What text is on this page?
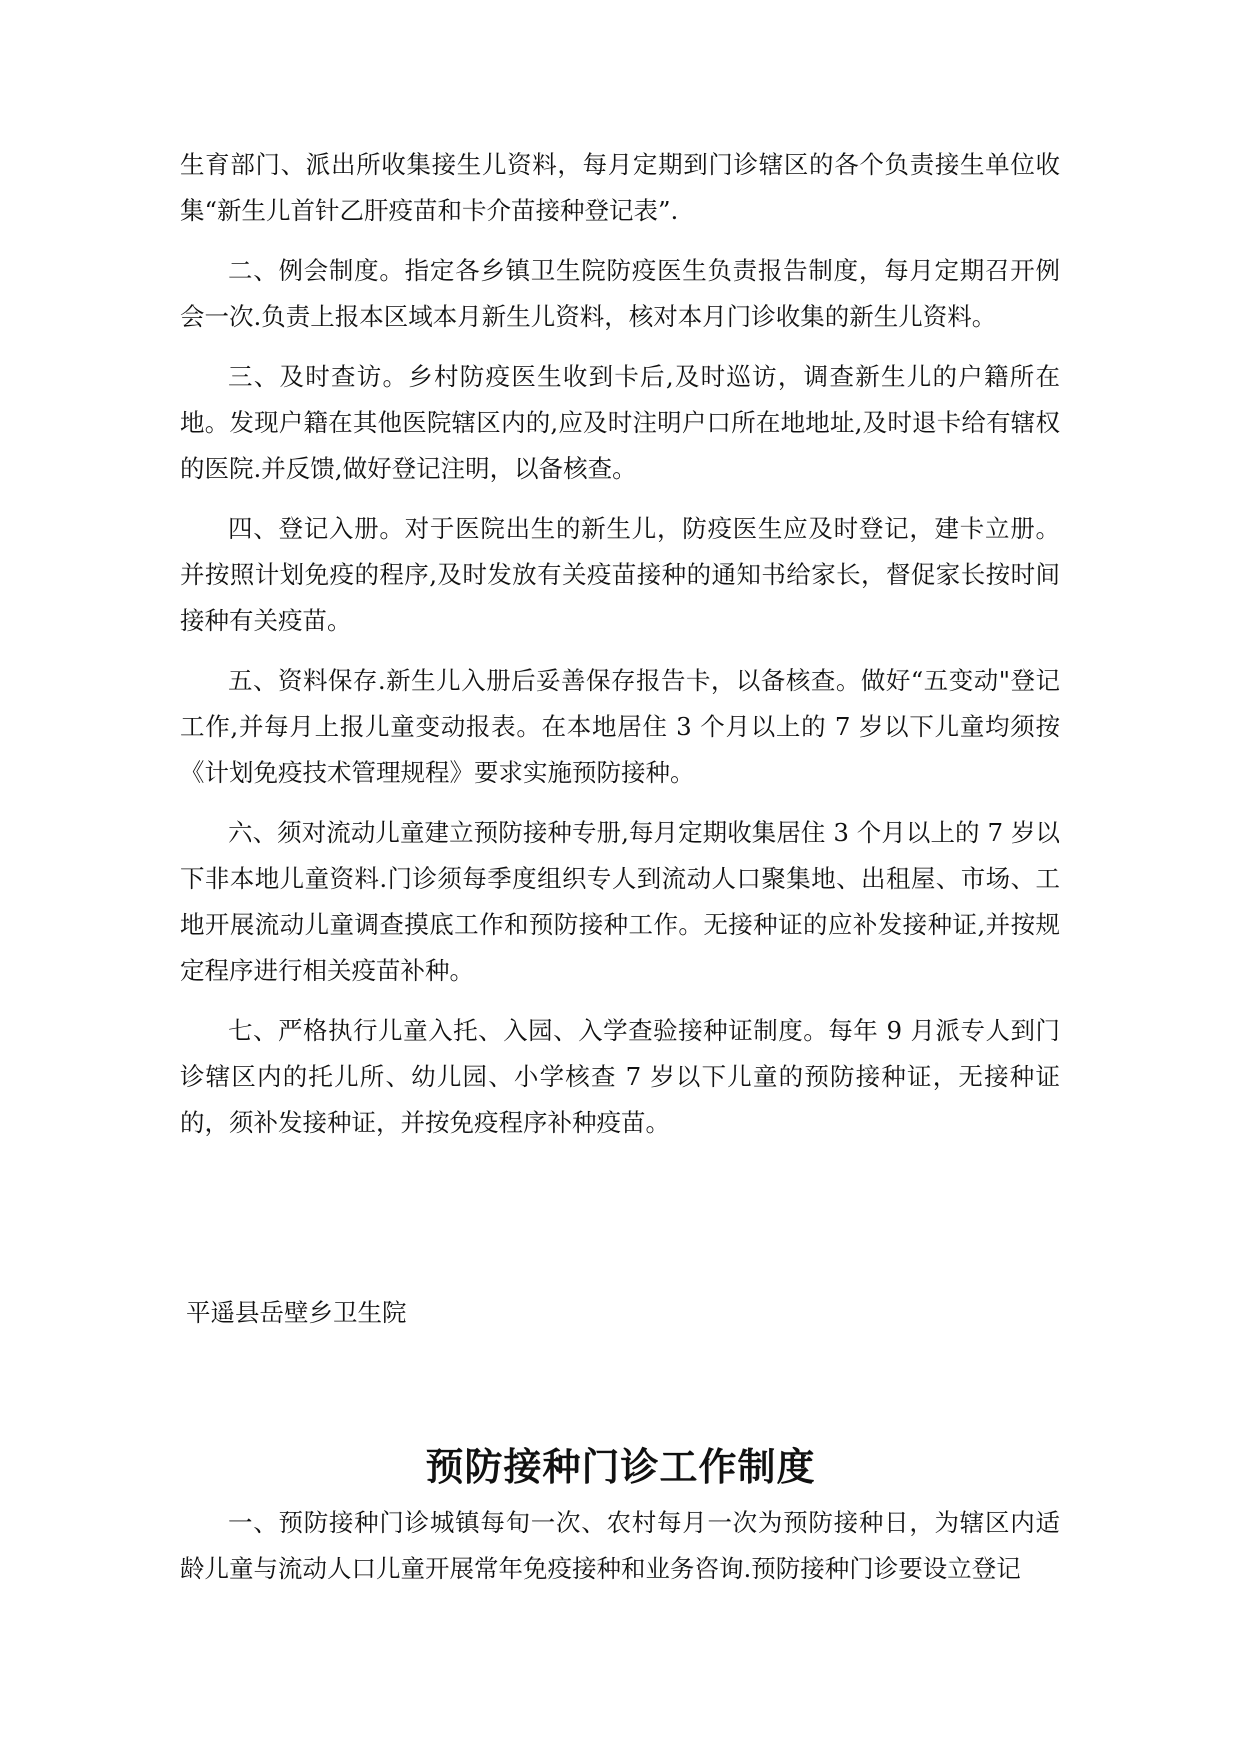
生育部门、派出所收集接生儿资料，每月定期到门诊辖区的各个负责接生单位收集“新生儿首针乙肝疫苗和卡介苗接种登记表”.

二、例会制度。指定各乡镇卫生院防疫医生负责报告制度，每月定期召开例会一次.负责上报本区域本月新生儿资料，核对本月门诊收集的新生儿资料。

三、及时查访。乡村防疫医生收到卡后,及时巡访，调查新生儿的户籍所在地。发现户籍在其他医院辖区内的,应及时注明户口所在地地址,及时退卡给有辖权的医院.并反馈,做好登记注明，以备核查。

四、登记入册。对于医院出生的新生儿，防疫医生应及时登记，建卡立册。并按照计划免疫的程序,及时发放有关疫苗接种的通知书给家长，督促家长按时间接种有关疫苗。

五、资料保存.新生儿入册后妥善保存报告卡，以备核查。做好“五变动"登记工作,并每月上报儿童变动报表。在本地居住 3 个月以上的 7 岁以下儿童均须按《计划免疫技术管理规程》要求实施预防接种。

六、须对流动儿童建立预防接种专册,每月定期收集居住 3 个月以上的 7 岁以下非本地儿童资料.门诊须每季度组织专人到流动人口聚集地、出租屋、市场、工地开展流动儿童调查摸底工作和预防接种工作。无接种证的应补发接种证,并按规定程序进行相关疫苗补种。

七、严格执行儿童入托、入园、入学查验接种证制度。每年 9 月派专人到门诊辖区内的托儿所、幼儿园、小学核查 7 岁以下儿童的预防接种证，无接种证的，须补发接种证，并按免疫程序补种疫苗。

平遥县岳壁乡卫生院
预防接种门诊工作制度

一、预防接种门诊城镇每旬一次、农村每月一次为预防接种日，为辖区内适龄儿童与流动人口儿童开展常年免疫接种和业务咨询.预防接种门诊要设立登记
